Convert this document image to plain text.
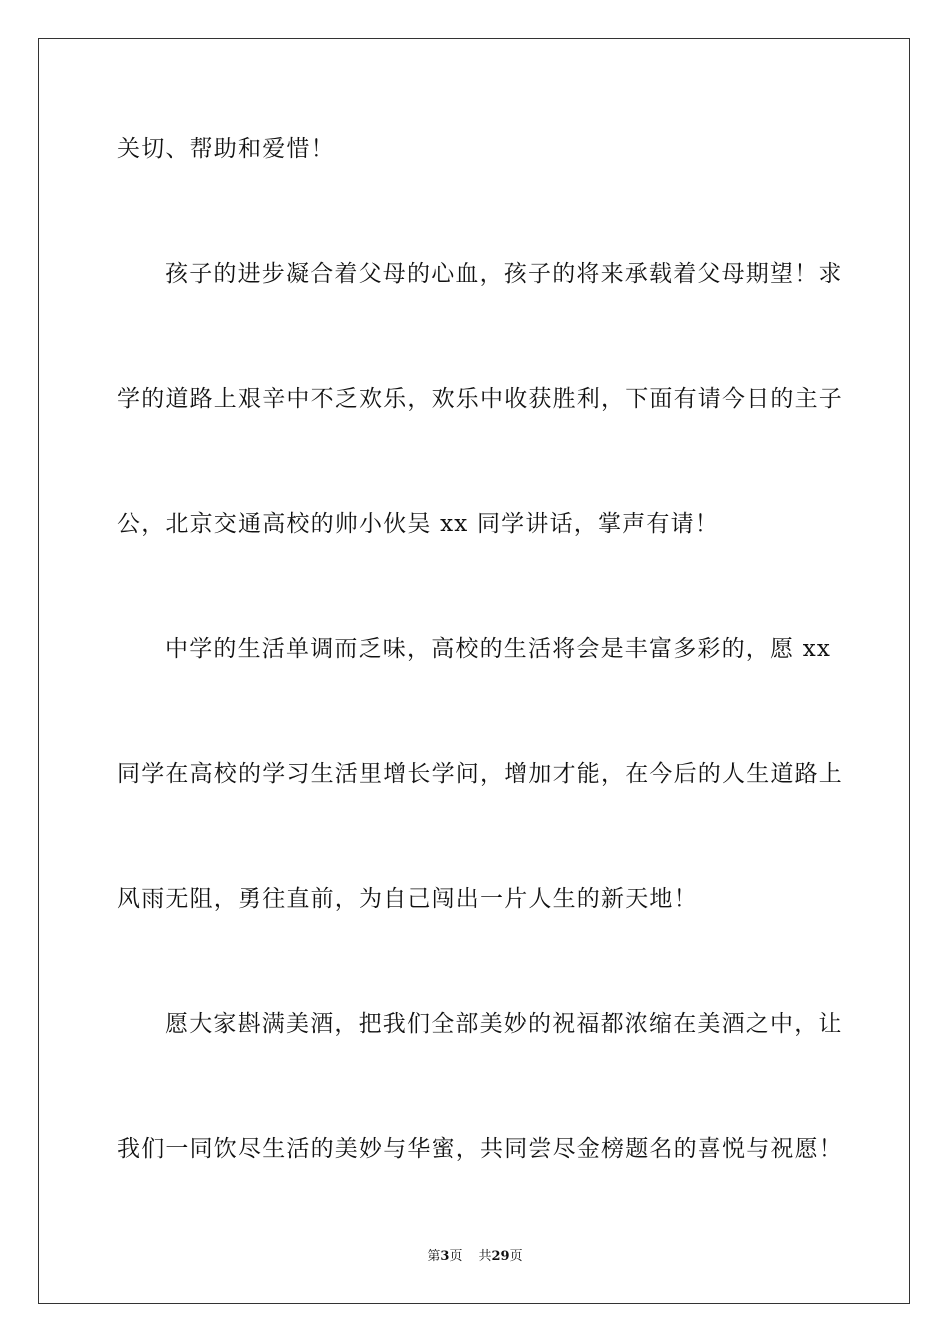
关切、帮助和爱惜！
孩子的进步凝合着父母的心血，孩子的将来承载着父母期望！求
学的道路上艰辛中不乏欢乐，欢乐中收获胜利，下面有请今日的主子
公，北京交通高校的帅小伙吴 xx 同学讲话，掌声有请！
中学的生活单调而乏味，高校的生活将会是丰富多彩的，愿 xx
同学在高校的学习生活里增长学问，增加才能，在今后的人生道路上
风雨无阻，勇往直前，为自己闯出一片人生的新天地！
愿大家斟满美酒，把我们全部美妙的祝福都浓缩在美酒之中，让
我们一同饮尽生活的美妙与华蜜，共同尝尽金榜题名的喜悦与祝愿！
第3页 共29页
